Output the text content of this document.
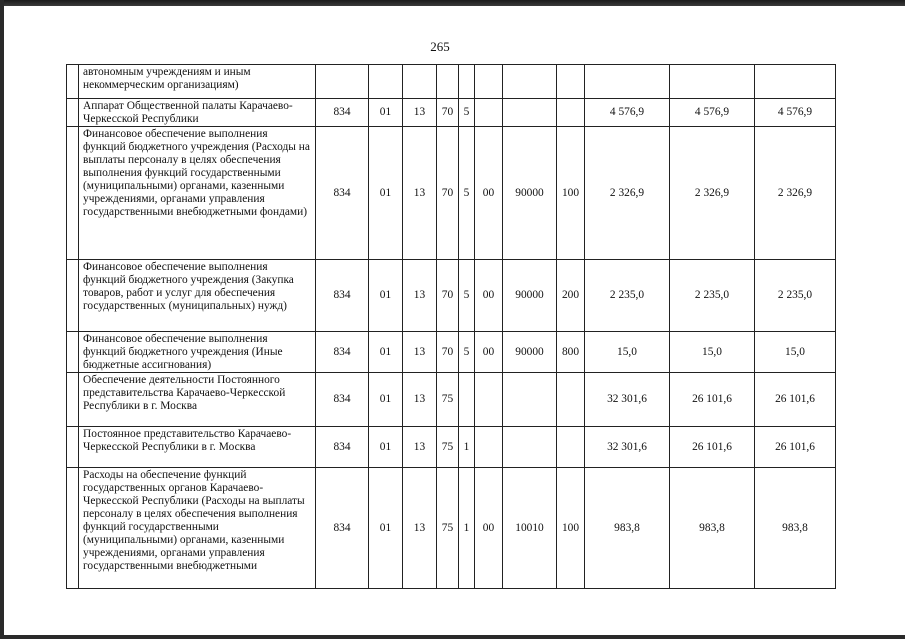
265
	автономным учреждениям и иным некоммерческим организациям)											
	Аппарат Общественной палаты Карачаево-Черкесской Республики	834	01	13	70	5				4 576,9	4 576,9	4 576,9
	Финансовое обеспечение выполнения функций бюджетного учреждения (Расходы на выплаты персоналу в целях обеспечения выполнения функций государственными (муниципальными) органами, казенными учреждениями, органами управления государственными внебюджетными фондами)	834	01	13	70	5	00	90000	100	2 326,9	2 326,9	2 326,9
	Финансовое обеспечение выполнения функций бюджетного учреждения (Закупка товаров, работ и услуг для обеспечения государственных (муниципальных) нужд)	834	01	13	70	5	00	90000	200	2 235,0	2 235,0	2 235,0
	Финансовое обеспечение выполнения функций бюджетного учреждения (Иные бюджетные ассигнования)	834	01	13	70	5	00	90000	800	15,0	15,0	15,0
	Обеспечение деятельности Постоянного представительства Карачаево-Черкесской Республики в г. Москва	834	01	13	75					32 301,6	26 101,6	26 101,6
	Постоянное представительство Карачаево-Черкесской Республики в г. Москва	834	01	13	75	1				32 301,6	26 101,6	26 101,6
	Расходы на обеспечение функций государственных органов Карачаево-Черкесской Республики (Расходы на выплаты персоналу в целях обеспечения выполнения функций государственными (муниципальными) органами, казенными учреждениями, органами управления государственными внебюджетными	834	01	13	75	1	00	10010	100	983,8	983,8	983,8
